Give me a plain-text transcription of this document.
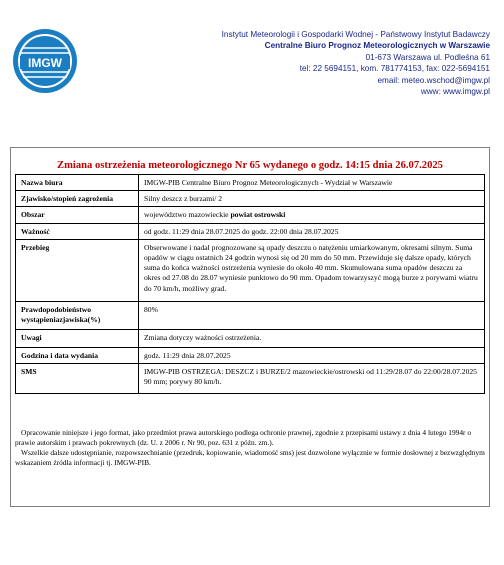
IMGW
Instytut Meteorologii i Gospodarki Wodnej - Państwowy Instytut Badawczy
Centralne Biuro Prognoz Meteorologicznych w Warszawie
01-673 Warszawa ul. Podleśna 61
tel: 22 5694151, kom. 781774153, fax: 022-5694151
email: meteo.wschod@imgw.pl
www: www.imgw.pl
Zmiana ostrzeżenia meteorologicznego Nr 65 wydanego o godz. 14:15 dnia 26.07.2025
Nazwa biura	IMGW-PIB Centralne Biuro Prognoz Meteorologicznych - Wydział w Warszawie
Zjawisko/stopień zagrożenia	Silny deszcz z burzami/ 2
Obszar	województwo mazowieckie powiat ostrowski
Ważność	od godz. 11:29 dnia 28.07.2025 do godz. 22:00 dnia 28.07.2025
Przebieg	Obserwowane i nadal prognozowane są opady deszczu o natężeniu umiarkowanym, okresami silnym. Suma opadów w ciągu ostatnich 24 godzin wynosi się od 20 mm do 50 mm. Przewiduje się dalsze opady, których suma do końca ważności ostrzeżenia wyniesie do około 40 mm. Skumulowana suma opadów deszczu za okres od 27.08 do 28.07 wyniesie punktowo do 90 mm. Opadom towarzyszyć mogą burze z porywami wiatru do 70 km/h, możliwy grad.
Prawdopodobieństwo wystąpieniazjawiska(%)	80%
Uwagi	Zmiana dotyczy ważności ostrzeżenia.
Godzina i data wydania	godz. 11:29 dnia 28.07.2025
SMS	IMGW-PIB OSTRZEGA: DESZCZ i BURZE/2 mazowieckie/ostrowski od 11:29/28.07 do 22:00/28.07.2025 90 mm; porywy 80 km/h.

Opracowanie niniejsze i jego format, jako przedmiot prawa autorskiego podlega ochronie prawnej, zgodnie z przepisami ustawy z dnia 4 lutego 1994r o prawie autorskim i prawach pokrewnych (dz. U. z 2006 r. Nr 90, poz. 631 z późn. zm.).

Wszelkie dalsze udostępnianie, rozpowszechnianie (przedruk, kopiowanie, wiadomość sms) jest dozwolone wyłącznie w formie dosłownej z bezwzględnym wskazaniem źródła informacji tj. IMGW-PIB.
